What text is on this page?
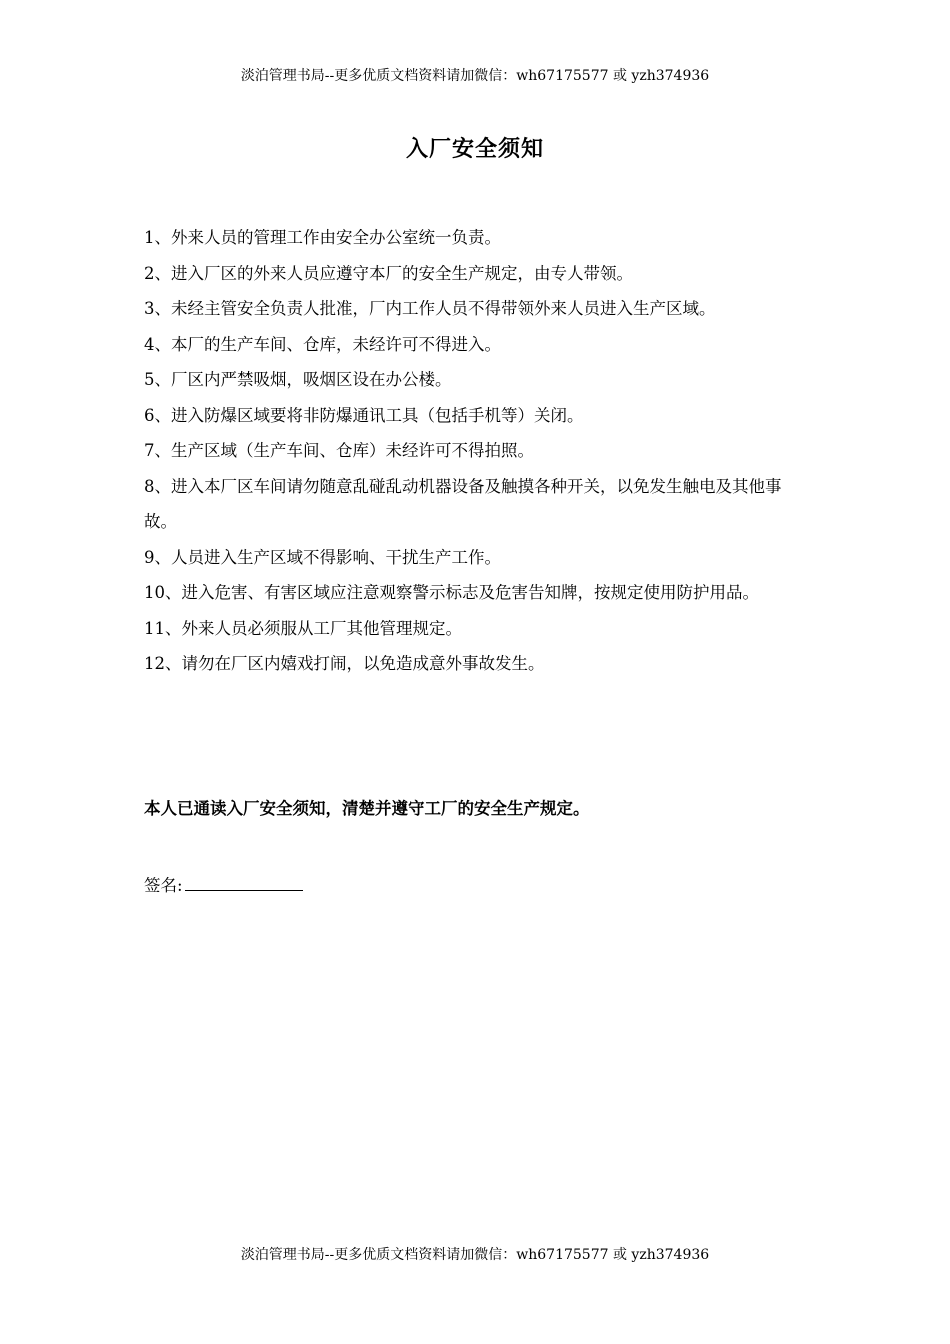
淡泊管理书局--更多优质文档资料请加微信：wh67175577 或 yzh374936
入厂安全须知
1、外来人员的管理工作由安全办公室统一负责。
2、进入厂区的外来人员应遵守本厂的安全生产规定，由专人带领。
3、未经主管安全负责人批准，厂内工作人员不得带领外来人员进入生产区域。
4、本厂的生产车间、仓库，未经许可不得进入。
5、厂区内严禁吸烟，吸烟区设在办公楼。
6、进入防爆区域要将非防爆通讯工具（包括手机等）关闭。
7、生产区域（生产车间、仓库）未经许可不得拍照。
8、进入本厂区车间请勿随意乱碰乱动机器设备及触摸各种开关，以免发生触电及其他事故。
9、人员进入生产区域不得影响、干扰生产工作。
10、进入危害、有害区域应注意观察警示标志及危害告知牌，按规定使用防护用品。
11、外来人员必须服从工厂其他管理规定。
12、请勿在厂区内嬉戏打闹，以免造成意外事故发生。
本人已通读入厂安全须知，清楚并遵守工厂的安全生产规定。
签名:
淡泊管理书局--更多优质文档资料请加微信：wh67175577 或 yzh374936
